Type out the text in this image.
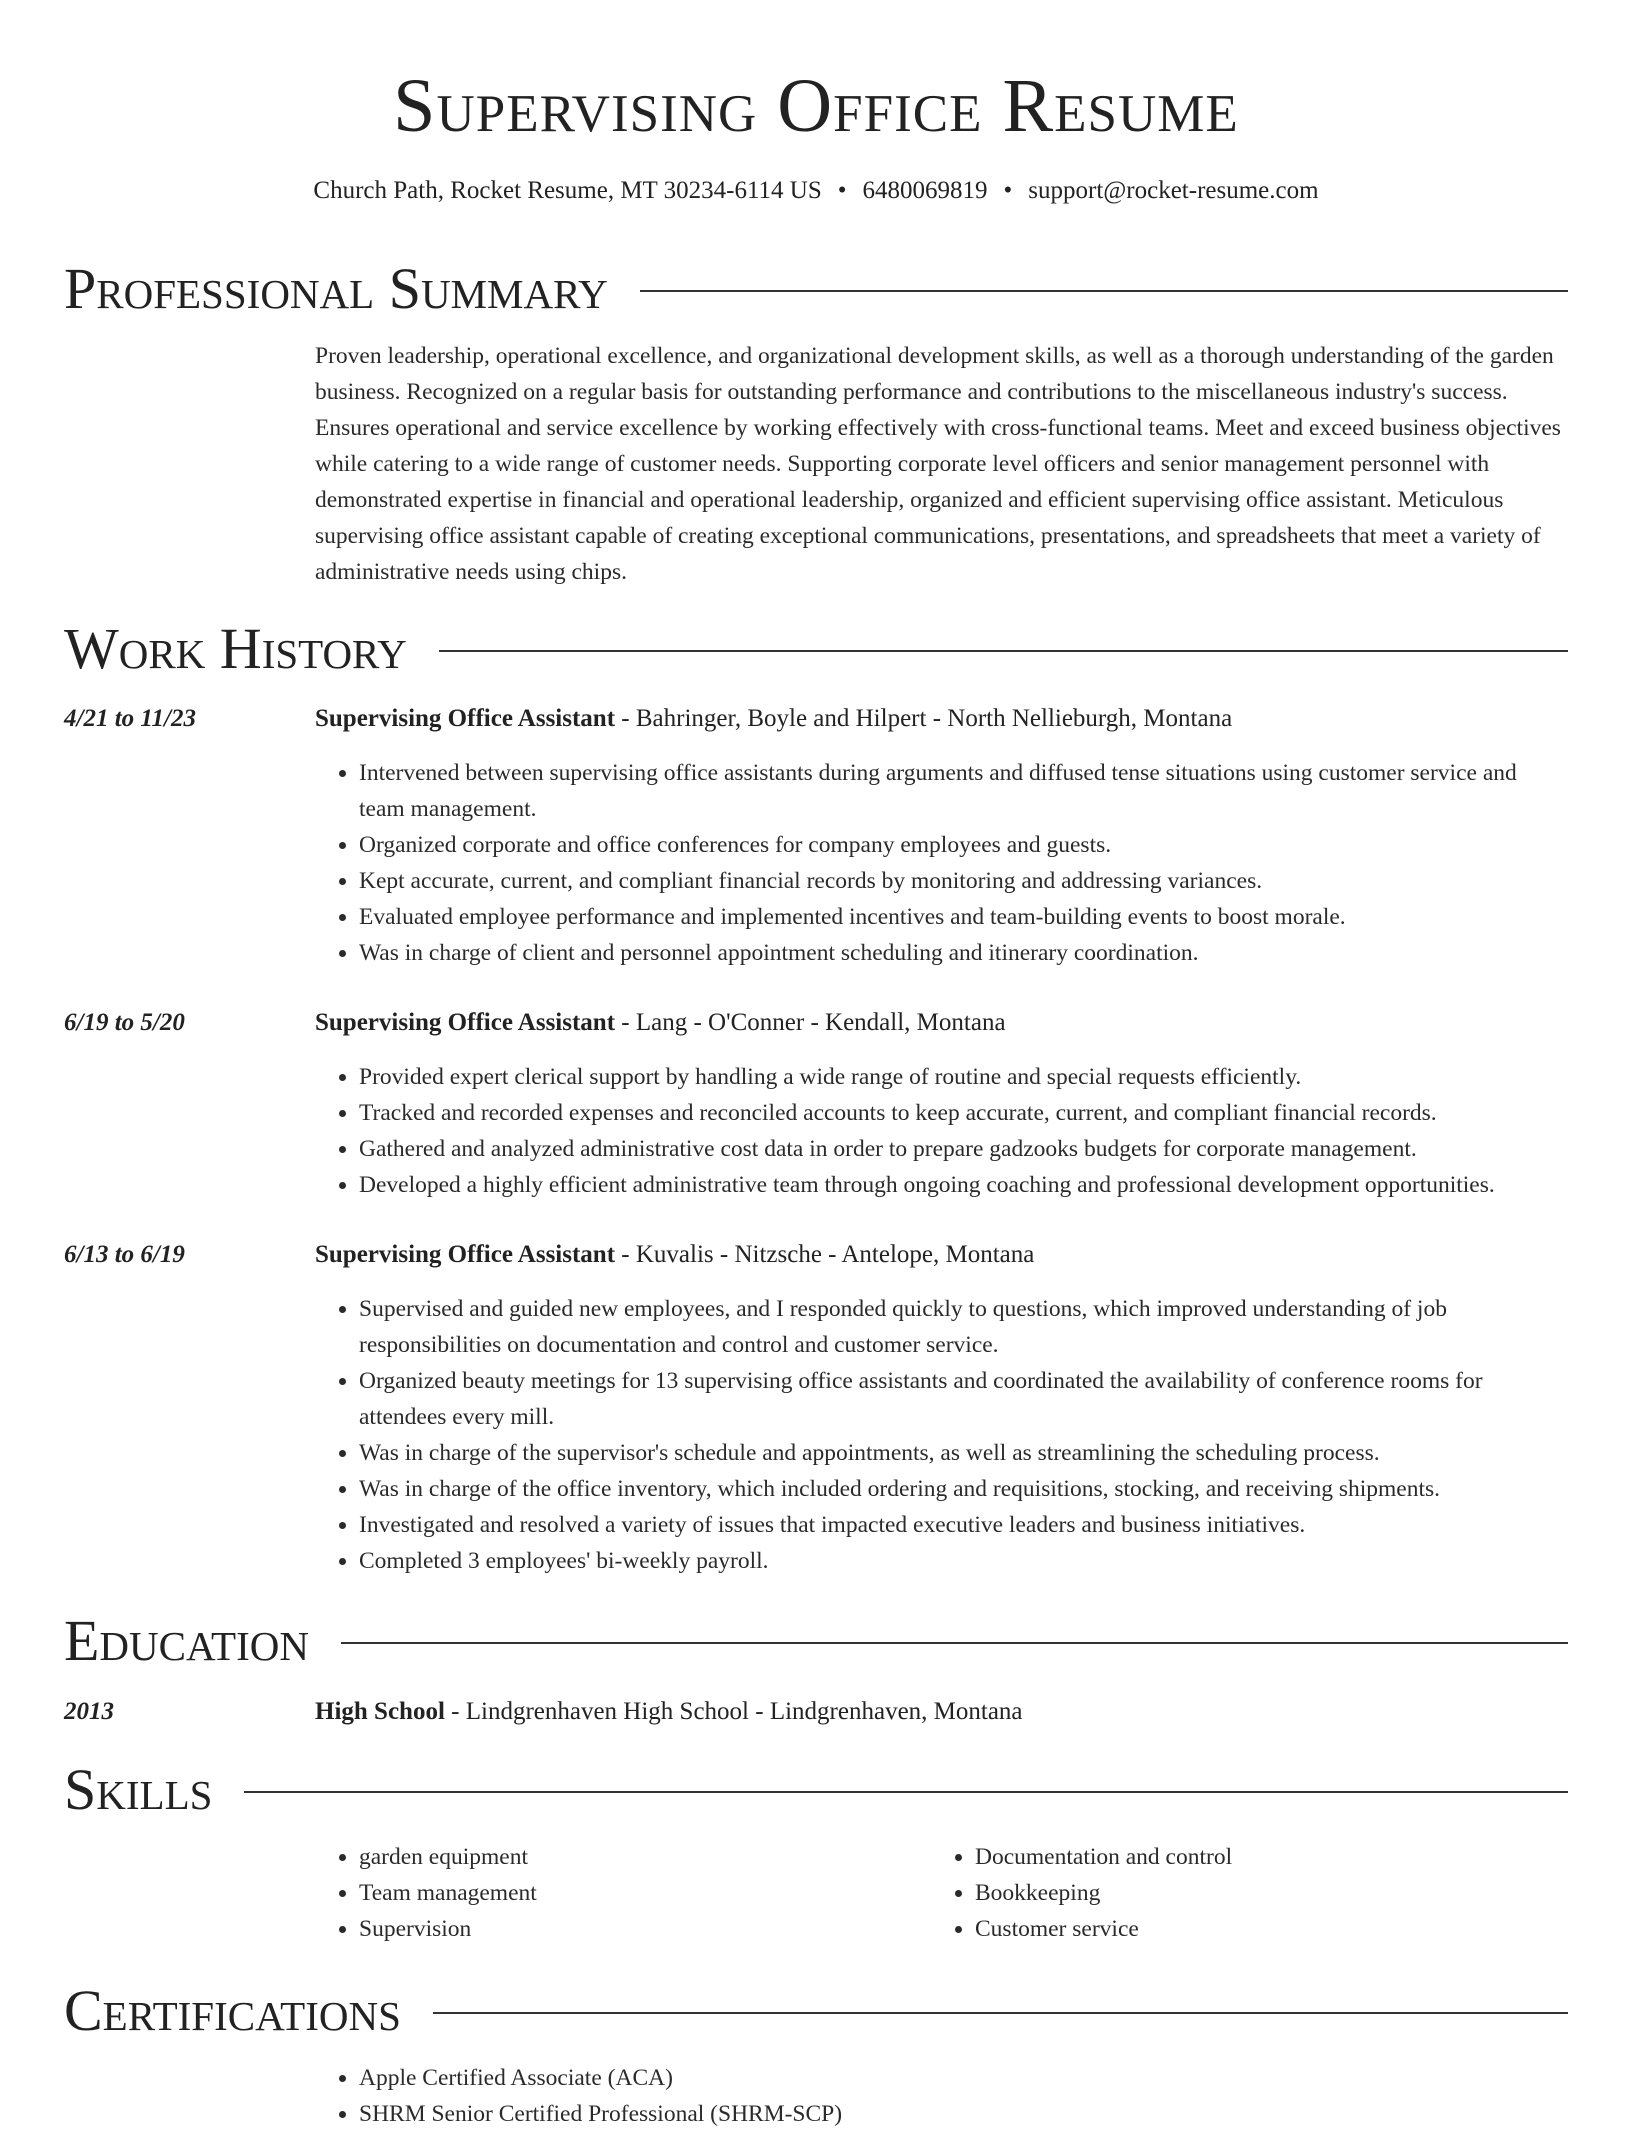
Supervising Office Resume
Church Path, Rocket Resume, MT 30234-6114 US • 6480069819 • support@rocket-resume.com
Professional Summary
Proven leadership, operational excellence, and organizational development skills, as well as a thorough understanding of the garden business. Recognized on a regular basis for outstanding performance and contributions to the miscellaneous industry's success. Ensures operational and service excellence by working effectively with cross-functional teams. Meet and exceed business objectives while catering to a wide range of customer needs. Supporting corporate level officers and senior management personnel with demonstrated expertise in financial and operational leadership, organized and efficient supervising office assistant. Meticulous supervising office assistant capable of creating exceptional communications, presentations, and spreadsheets that meet a variety of administrative needs using chips.
Work History
4/21 to 11/23	Supervising Office Assistant - Bahringer, Boyle and Hilpert - North Nellieburgh, Montana
• Intervened between supervising office assistants during arguments and diffused tense situations using customer service and team management.
• Organized corporate and office conferences for company employees and guests.
• Kept accurate, current, and compliant financial records by monitoring and addressing variances.
• Evaluated employee performance and implemented incentives and team-building events to boost morale.
• Was in charge of client and personnel appointment scheduling and itinerary coordination.
6/19 to 5/20	Supervising Office Assistant - Lang - O'Conner - Kendall, Montana
• Provided expert clerical support by handling a wide range of routine and special requests efficiently.
• Tracked and recorded expenses and reconciled accounts to keep accurate, current, and compliant financial records.
• Gathered and analyzed administrative cost data in order to prepare gadzooks budgets for corporate management.
• Developed a highly efficient administrative team through ongoing coaching and professional development opportunities.
6/13 to 6/19	Supervising Office Assistant - Kuvalis - Nitzsche - Antelope, Montana
• Supervised and guided new employees, and I responded quickly to questions, which improved understanding of job responsibilities on documentation and control and customer service.
• Organized beauty meetings for 13 supervising office assistants and coordinated the availability of conference rooms for attendees every mill.
• Was in charge of the supervisor's schedule and appointments, as well as streamlining the scheduling process.
• Was in charge of the office inventory, which included ordering and requisitions, stocking, and receiving shipments.
• Investigated and resolved a variety of issues that impacted executive leaders and business initiatives.
• Completed 3 employees' bi-weekly payroll.
Education
2013	High School - Lindgrenhaven High School - Lindgrenhaven, Montana
Skills
• garden equipment
• Team management
• Supervision
• Documentation and control
• Bookkeeping
• Customer service
Certifications
• Apple Certified Associate (ACA)
• SHRM Senior Certified Professional (SHRM-SCP)
